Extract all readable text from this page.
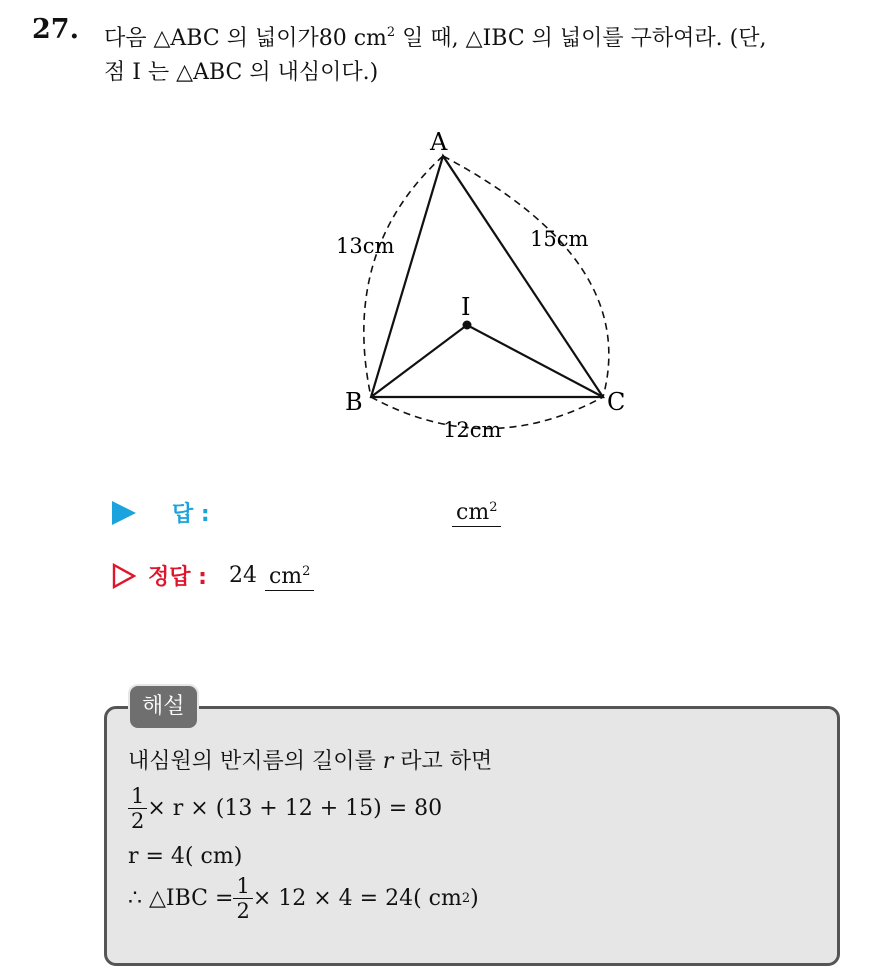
27. 다음 △ABC 의 넓이가80 $cm^2$ 일 때, △IBC 의 넓이를 구하여라. (단,
점 I 는 △ABC 의 내심이다.)
A
B	C
I
13cm	15cm
12cm
답 :	$cm^2$
정답 : 24 $cm^2$
해설
내심원의 반지름의 길이를 r 라고 하면
$\frac{1}{2} \times r \times (13 + 12 + 15) = 80$
r = 4( cm)
∴ △IBC = $\frac{1}{2} \times 12 \times 4 = 24$( cm 2 )
